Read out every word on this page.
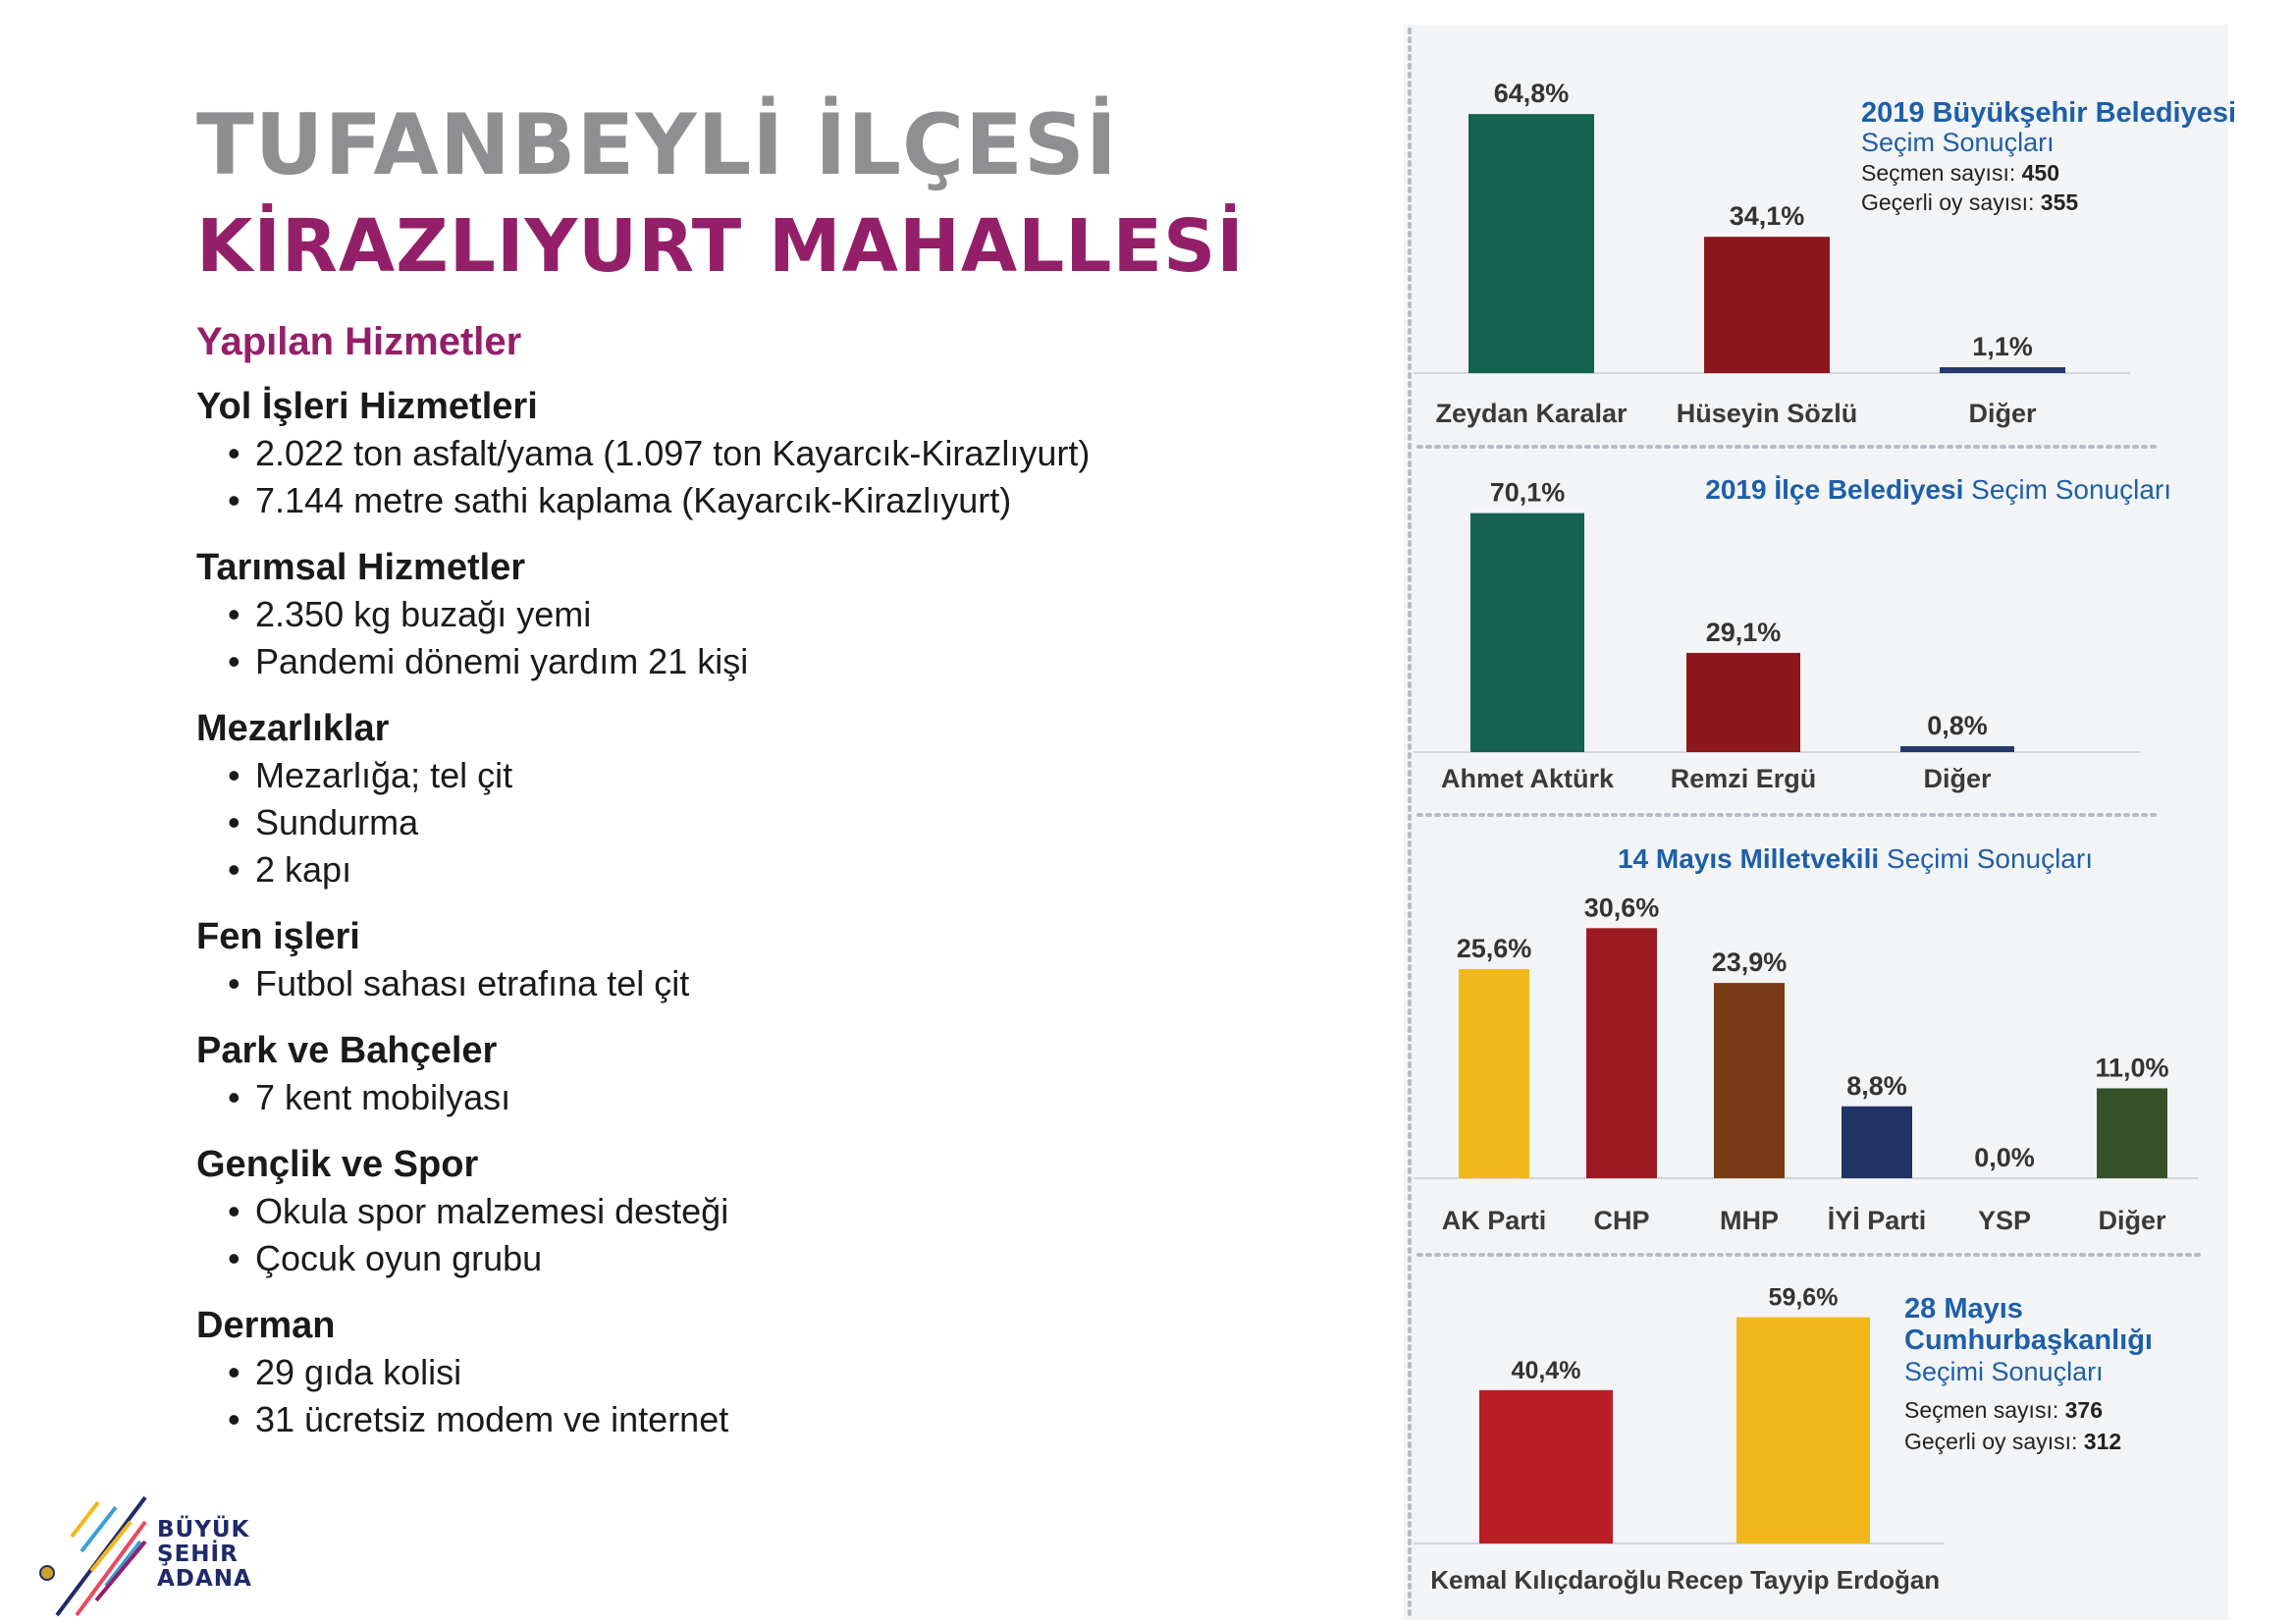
TUFANBEYLİ İLÇESİ
KİRAZLIYURT MAHALLESİ
Yapılan Hizmetler
Yol İşleri Hizmetleri
• 2.022 ton asfalt/yama (1.097 ton Kayarcık-Kirazlıyurt)
• 7.144 metre sathi kaplama (Kayarcık-Kirazlıyurt)
Tarımsal Hizmetler
• 2.350 kg buzağı yemi
• Pandemi dönemi yardım 21 kişi
Mezarlıklar
• Mezarlığa; tel çit
• Sundurma
• 2 kapı
Fen işleri
• Futbol sahası etrafına tel çit
Park ve Bahçeler
• 7 kent mobilyası
Gençlik ve Spor
• Okula spor malzemesi desteği
• Çocuk oyun grubu
Derman
• 29 gıda kolisi
• 31 ücretsiz modem ve internet
BÜYÜK
ŞEHİR
ADANA
64,8%
Zeydan Karalar
34,1%
Hüseyin Sözlü
1,1%
Diğer
70,1%
Ahmet Aktürk
29,1%
Remzi Ergü
0,8%
Diğer
25,6%
AK Parti
30,6%
CHP
23,9%
MHP
8,8%
İYİ Parti
0,0%
YSP
11,0%
Diğer
40,4%
Kemal Kılıçdaroğlu
59,6%
Recep Tayyip Erdoğan
2019 Büyükşehir Belediyesi
Seçim Sonuçları
Seçmen sayısı: 450
Geçerli oy sayısı: 355
2019 İlçe Belediyesi Seçim Sonuçları
14 Mayıs Milletvekili Seçimi Sonuçları
28 Mayıs
Cumhurbaşkanlığı
Seçimi Sonuçları
Seçmen sayısı: 376
Geçerli oy sayısı: 312
